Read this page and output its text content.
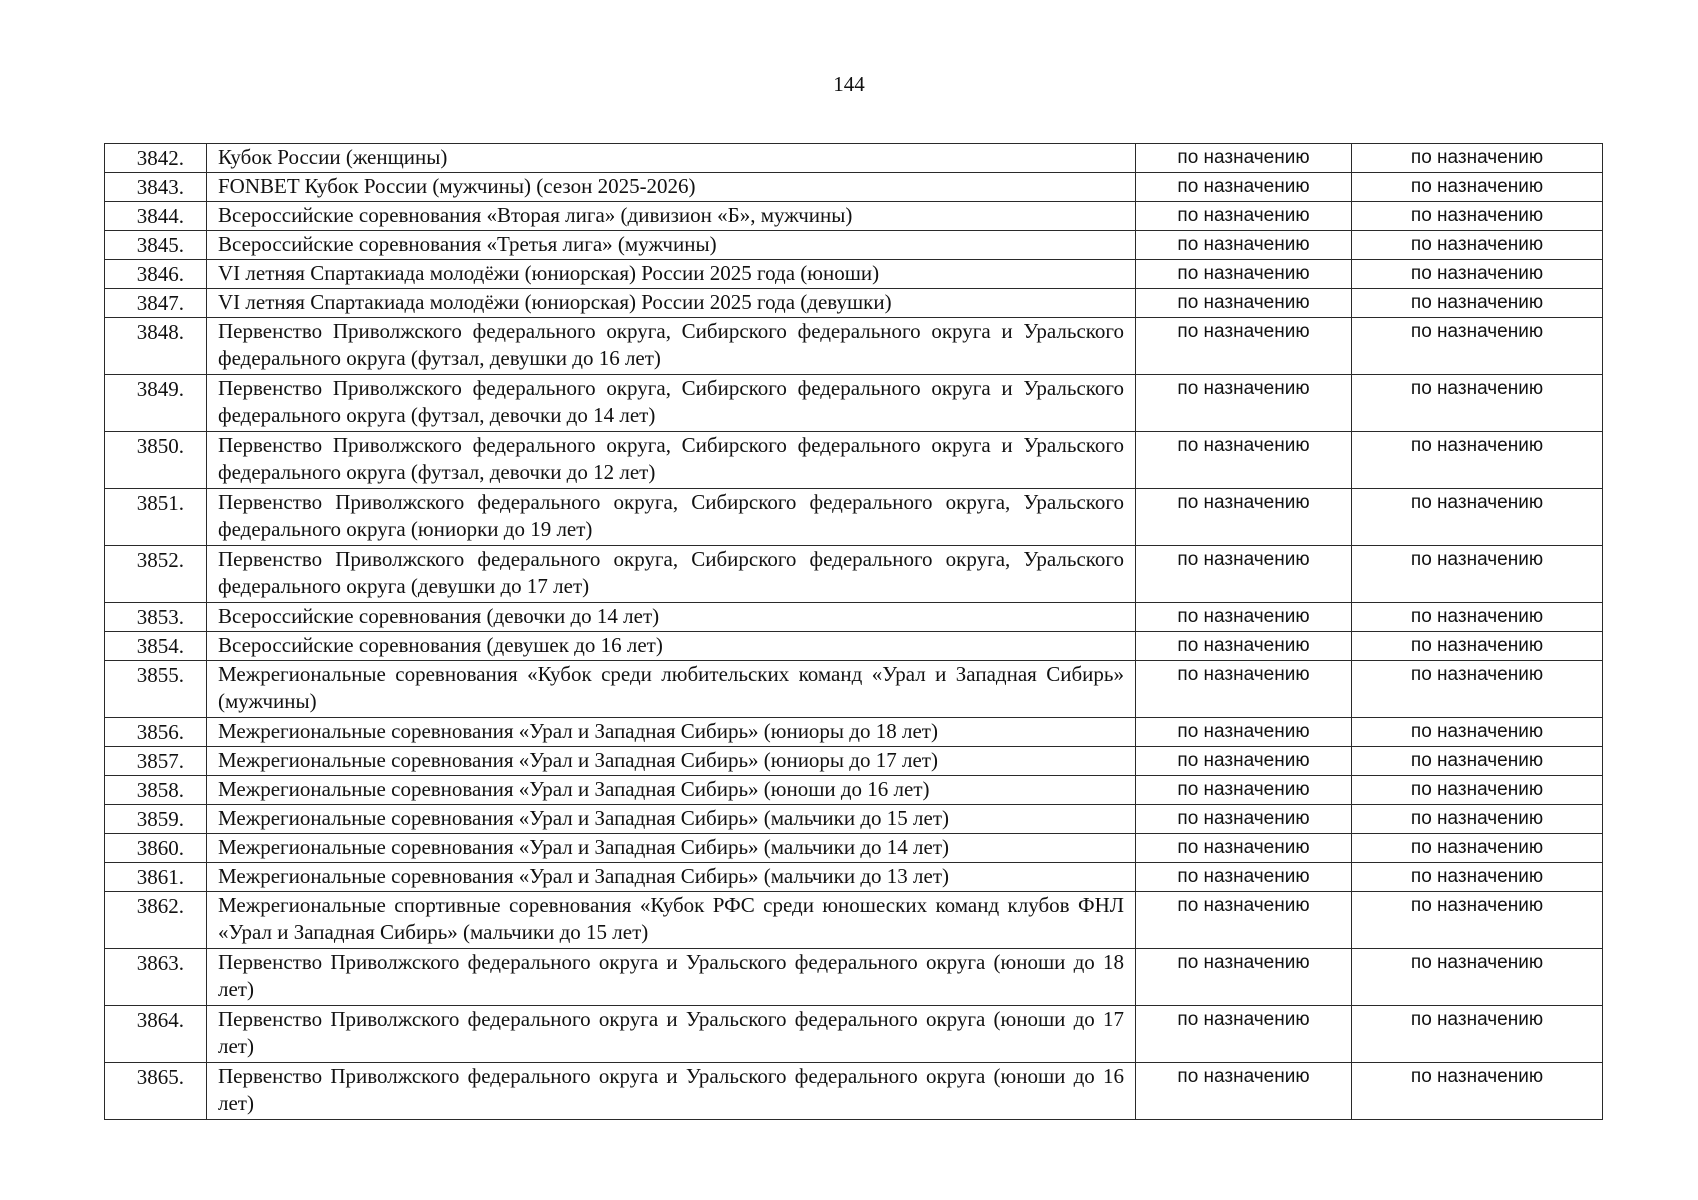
144
3842.	Кубок России (женщины)	по назначению	по назначению
3843.	FONBET Кубок России (мужчины) (сезон 2025-2026)	по назначению	по назначению
3844.	Всероссийские соревнования «Вторая лига» (дивизион «Б», мужчины)	по назначению	по назначению
3845.	Всероссийские соревнования «Третья лига» (мужчины)	по назначению	по назначению
3846.	VI летняя Спартакиада молодёжи (юниорская) России 2025 года (юноши)	по назначению	по назначению
3847.	VI летняя Спартакиада молодёжи (юниорская) России 2025 года (девушки)	по назначению	по назначению
3848.	Первенство Приволжского федерального округа, Сибирского федерального округа и Уральского федерального округа (футзал, девушки до 16 лет)	по назначению	по назначению
3849.	Первенство Приволжского федерального округа, Сибирского федерального округа и Уральского федерального округа (футзал, девочки до 14 лет)	по назначению	по назначению
3850.	Первенство Приволжского федерального округа, Сибирского федерального округа и Уральского федерального округа (футзал, девочки до 12 лет)	по назначению	по назначению
3851.	Первенство Приволжского федерального округа, Сибирского федерального округа, Уральского федерального округа (юниорки до 19 лет)	по назначению	по назначению
3852.	Первенство Приволжского федерального округа, Сибирского федерального округа, Уральского федерального округа (девушки до 17 лет)	по назначению	по назначению
3853.	Всероссийские соревнования (девочки до 14 лет)	по назначению	по назначению
3854.	Всероссийские соревнования (девушек до 16 лет)	по назначению	по назначению
3855.	Межрегиональные соревнования «Кубок среди любительских команд «Урал и Западная Сибирь» (мужчины)	по назначению	по назначению
3856.	Межрегиональные соревнования «Урал и Западная Сибирь» (юниоры до 18 лет)	по назначению	по назначению
3857.	Межрегиональные соревнования «Урал и Западная Сибирь» (юниоры до 17 лет)	по назначению	по назначению
3858.	Межрегиональные соревнования «Урал и Западная Сибирь» (юноши до 16 лет)	по назначению	по назначению
3859.	Межрегиональные соревнования «Урал и Западная Сибирь» (мальчики до 15 лет)	по назначению	по назначению
3860.	Межрегиональные соревнования «Урал и Западная Сибирь» (мальчики до 14 лет)	по назначению	по назначению
3861.	Межрегиональные соревнования «Урал и Западная Сибирь» (мальчики до 13 лет)	по назначению	по назначению
3862.	Межрегиональные спортивные соревнования «Кубок РФС среди юношеских команд клубов ФНЛ «Урал и Западная Сибирь» (мальчики до 15 лет)	по назначению	по назначению
3863.	Первенство Приволжского федерального округа и Уральского федерального округа (юноши до 18 лет)	по назначению	по назначению
3864.	Первенство Приволжского федерального округа и Уральского федерального округа (юноши до 17 лет)	по назначению	по назначению
3865.	Первенство Приволжского федерального округа и Уральского федерального округа (юноши до 16 лет)	по назначению	по назначению
